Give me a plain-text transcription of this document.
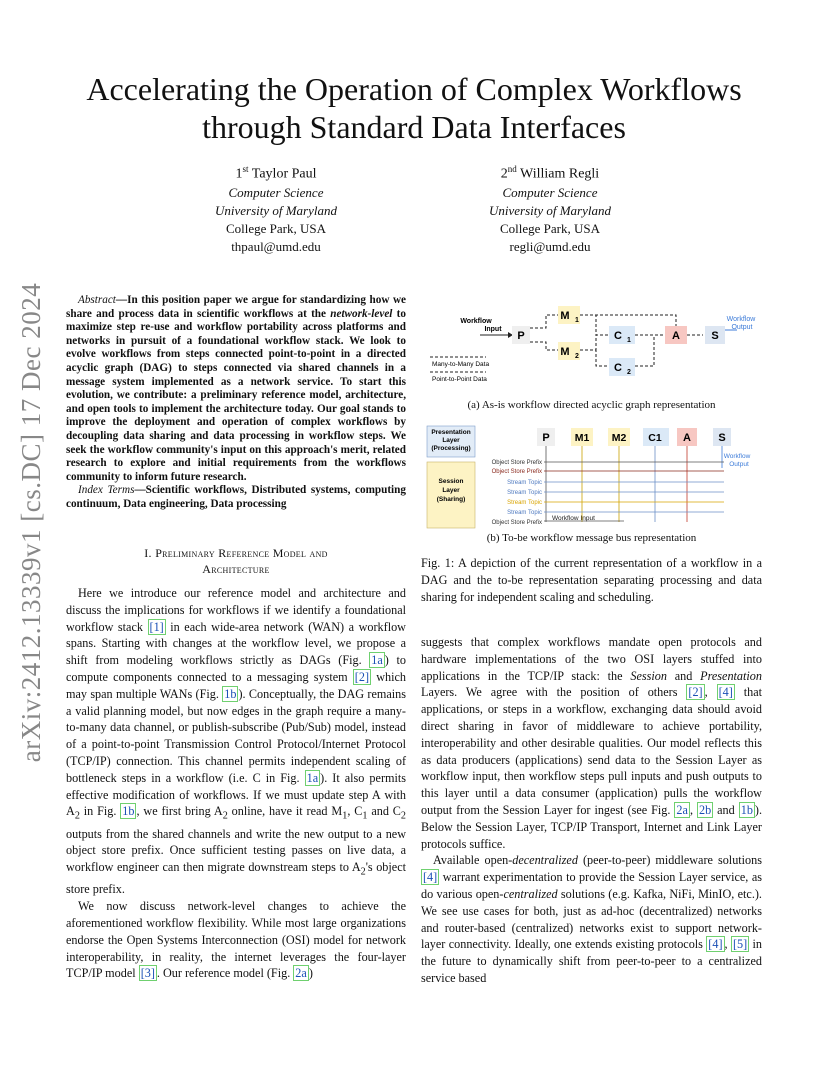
arXiv:2412.13339v1 [cs.DC] 17 Dec 2024
Accelerating the Operation of Complex Workflows
through Standard Data Interfaces
1st Taylor Paul
Computer Science
University of Maryland
College Park, USA
thpaul@umd.edu
2nd William Regli
Computer Science
University of Maryland
College Park, USA
regli@umd.edu

Abstract—In this position paper we argue for standardizing how we share and process data in scientific workflows at the network-level to maximize step re-use and workflow portability across platforms and networks in pursuit of a foundational workflow stack. We look to evolve workflows from steps connected point-to-point in a directed acyclic graph (DAG) to steps connected via shared channels in a message system implemented as a network service. To start this evolution, we contribute: a preliminary reference model, architecture, and open tools to implement the architecture today. Our goal stands to improve the deployment and operation of complex workflows by decoupling data sharing and data processing in workflow steps. We seek the workflow community's input on this approach's merit, related research to explore and initial requirements from the workflows community to inform future research.

Index Terms—Scientific workflows, Distributed systems, computing continuum, Data engineering, Data processing

I. Preliminary Reference Model and
Architecture

Here we introduce our reference model and architecture and discuss the implications for workflows if we identify a foundational workflow stack [1] in each wide-area network (WAN) a workflow spans. Starting with changes at the workflow level, we propose a shift from modeling workflows strictly as DAGs (Fig. 1a ) to compute components connected to a messaging system [2] which may span multiple WANs (Fig. 1b ). Conceptually, the DAG remains a valid planning model, but now edges in the graph require a many-to-many data channel, or publish-subscribe (Pub/Sub) model, instead of a point-to-point Transmission Control Protocol/Internet Protocol (TCP/IP) connection. This channel permits independent scaling of bottleneck steps in a workflow (i.e. C in Fig. 1a ). It also permits effective modification of workflows. If we must update step A with $A_2$ in Fig. 1b , we first bring $A_2$ online, have it read $M_1$, $C_1$ and $C_2$ outputs from the shared channels and write the new output to a new object store prefix. Once sufficient testing passes on live data, a workflow engineer can then migrate downstream steps to $A_2's$ object store prefix.

We now discuss network-level changes to achieve the aforementioned workflow flexibility. While most large organizations endorse the Open Systems Interconnection (OSI) model for network interoperability, in reality, the internet leverages the four-layer TCP/IP model [3] . Our reference model (Fig. 2a )

Workflow
Input
P
M 1
M 2
C 1
C 2
A	S
Workflow
Output
Many-to-Many Data
Point-to-Point Data
(a) As-is workflow directed acyclic graph representation
Presentation
Layer
(Processing)
Session
Layer
(Sharing)
P M1 M2 C1 A S
Object Store Prefix
Object Store Prefix
Stream Topic
Stream Topic
Stream Topic
Stream Topic
Object Store Prefix
Workflow Input
Workflow
Output
(b) To-be workflow message bus representation
Fig. 1: A depiction of the current representation of a workflow in a DAG and the to-be representation separating processing and data sharing for independent scaling and scheduling.

suggests that complex workflows mandate open protocols and hardware implementations of the two OSI layers stuffed into applications in the TCP/IP stack: the Session and Presentation Layers. We agree with the position of others [2] , [4] that applications, or steps in a workflow, exchanging data should avoid direct sharing in favor of middleware to achieve portability, interoperability and other desirable qualities. Our model reflects this as data producers (applications) send data to the Session Layer as workflow input, then workflow steps pull inputs and push outputs to this layer until a data consumer (application) pulls the workflow output from the Session Layer for ingest (see Fig. 2a , 2b and 1b ). Below the Session Layer, TCP/IP Transport, Internet and Link Layer protocols suffice.

Available open-decentralized (peer-to-peer) middleware solutions [4] warrant experimentation to provide the Session Layer service, as do various open-centralized solutions (e.g. Kafka, NiFi, MinIO, etc.). We see use cases for both, just as ad-hoc (decentralized) networks and router-based (centralized) networks exist to support network-layer connectivity. Ideally, one extends existing protocols [4] , [5] in the future to dynamically shift from peer-to-peer to a centralized service based
